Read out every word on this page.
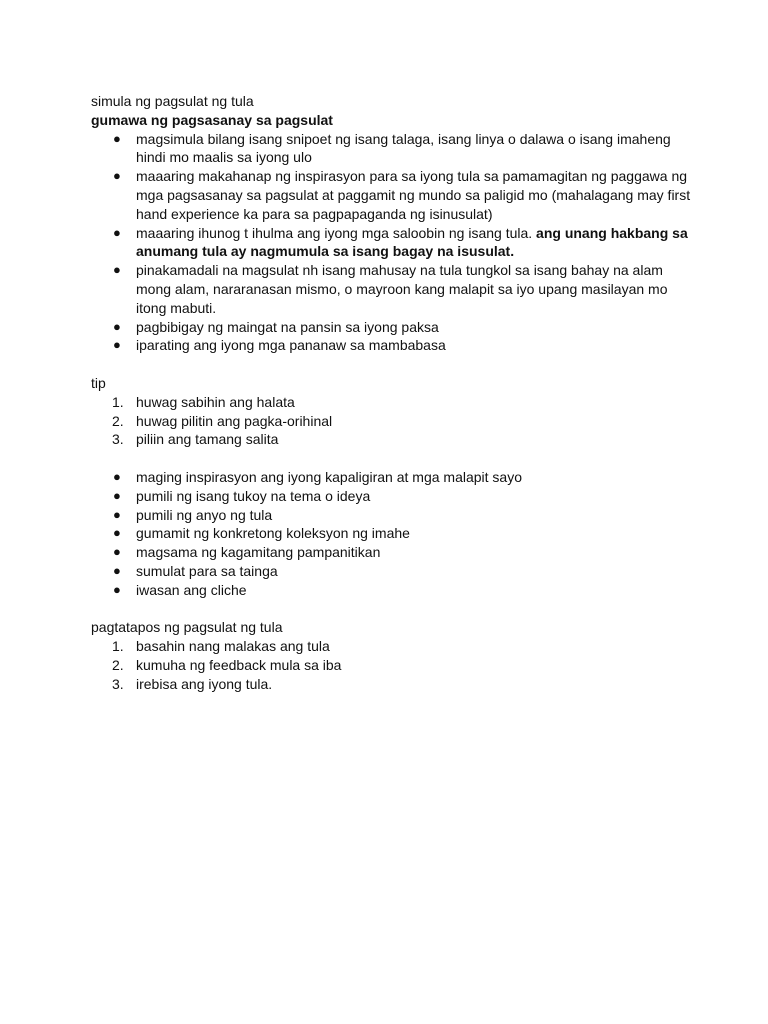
simula ng pagsulat ng tula

gumawa ng pagsasanay sa pagsulat

● magsimula bilang isang snipoet ng isang talaga, isang linya o dalawa o isang imaheng hindi mo maalis sa iyong ulo
● maaaring makahanap ng inspirasyon para sa iyong tula sa pamamagitan ng paggawa ng mga pagsasanay sa pagsulat at paggamit ng mundo sa paligid mo (mahalagang may first hand experience ka para sa pagpapaganda ng isinusulat)
● maaaring ihunog t ihulma ang iyong mga saloobin ng isang tula. ang unang hakbang sa anumang tula ay nagmumula sa isang bagay na isusulat.
● pinakamadali na magsulat nh isang mahusay na tula tungkol sa isang bahay na alam mong alam, nararanasan mismo, o mayroon kang malapit sa iyo upang masilayan mo itong mabuti.
● pagbibigay ng maingat na pansin sa iyong paksa
● iparating ang iyong mga pananaw sa mambabasa

tip

1. huwag sabihin ang halata
2. huwag pilitin ang pagka-orihinal
3. piliin ang tamang salita
● maging inspirasyon ang iyong kapaligiran at mga malapit sayo
● pumili ng isang tukoy na tema o ideya
● pumili ng anyo ng tula
● gumamit ng konkretong koleksyon ng imahe
● magsama ng kagamitang pampanitikan
● sumulat para sa tainga
● iwasan ang cliche

pagtatapos ng pagsulat ng tula

1. basahin nang malakas ang tula
2. kumuha ng feedback mula sa iba
3. irebisa ang iyong tula.
